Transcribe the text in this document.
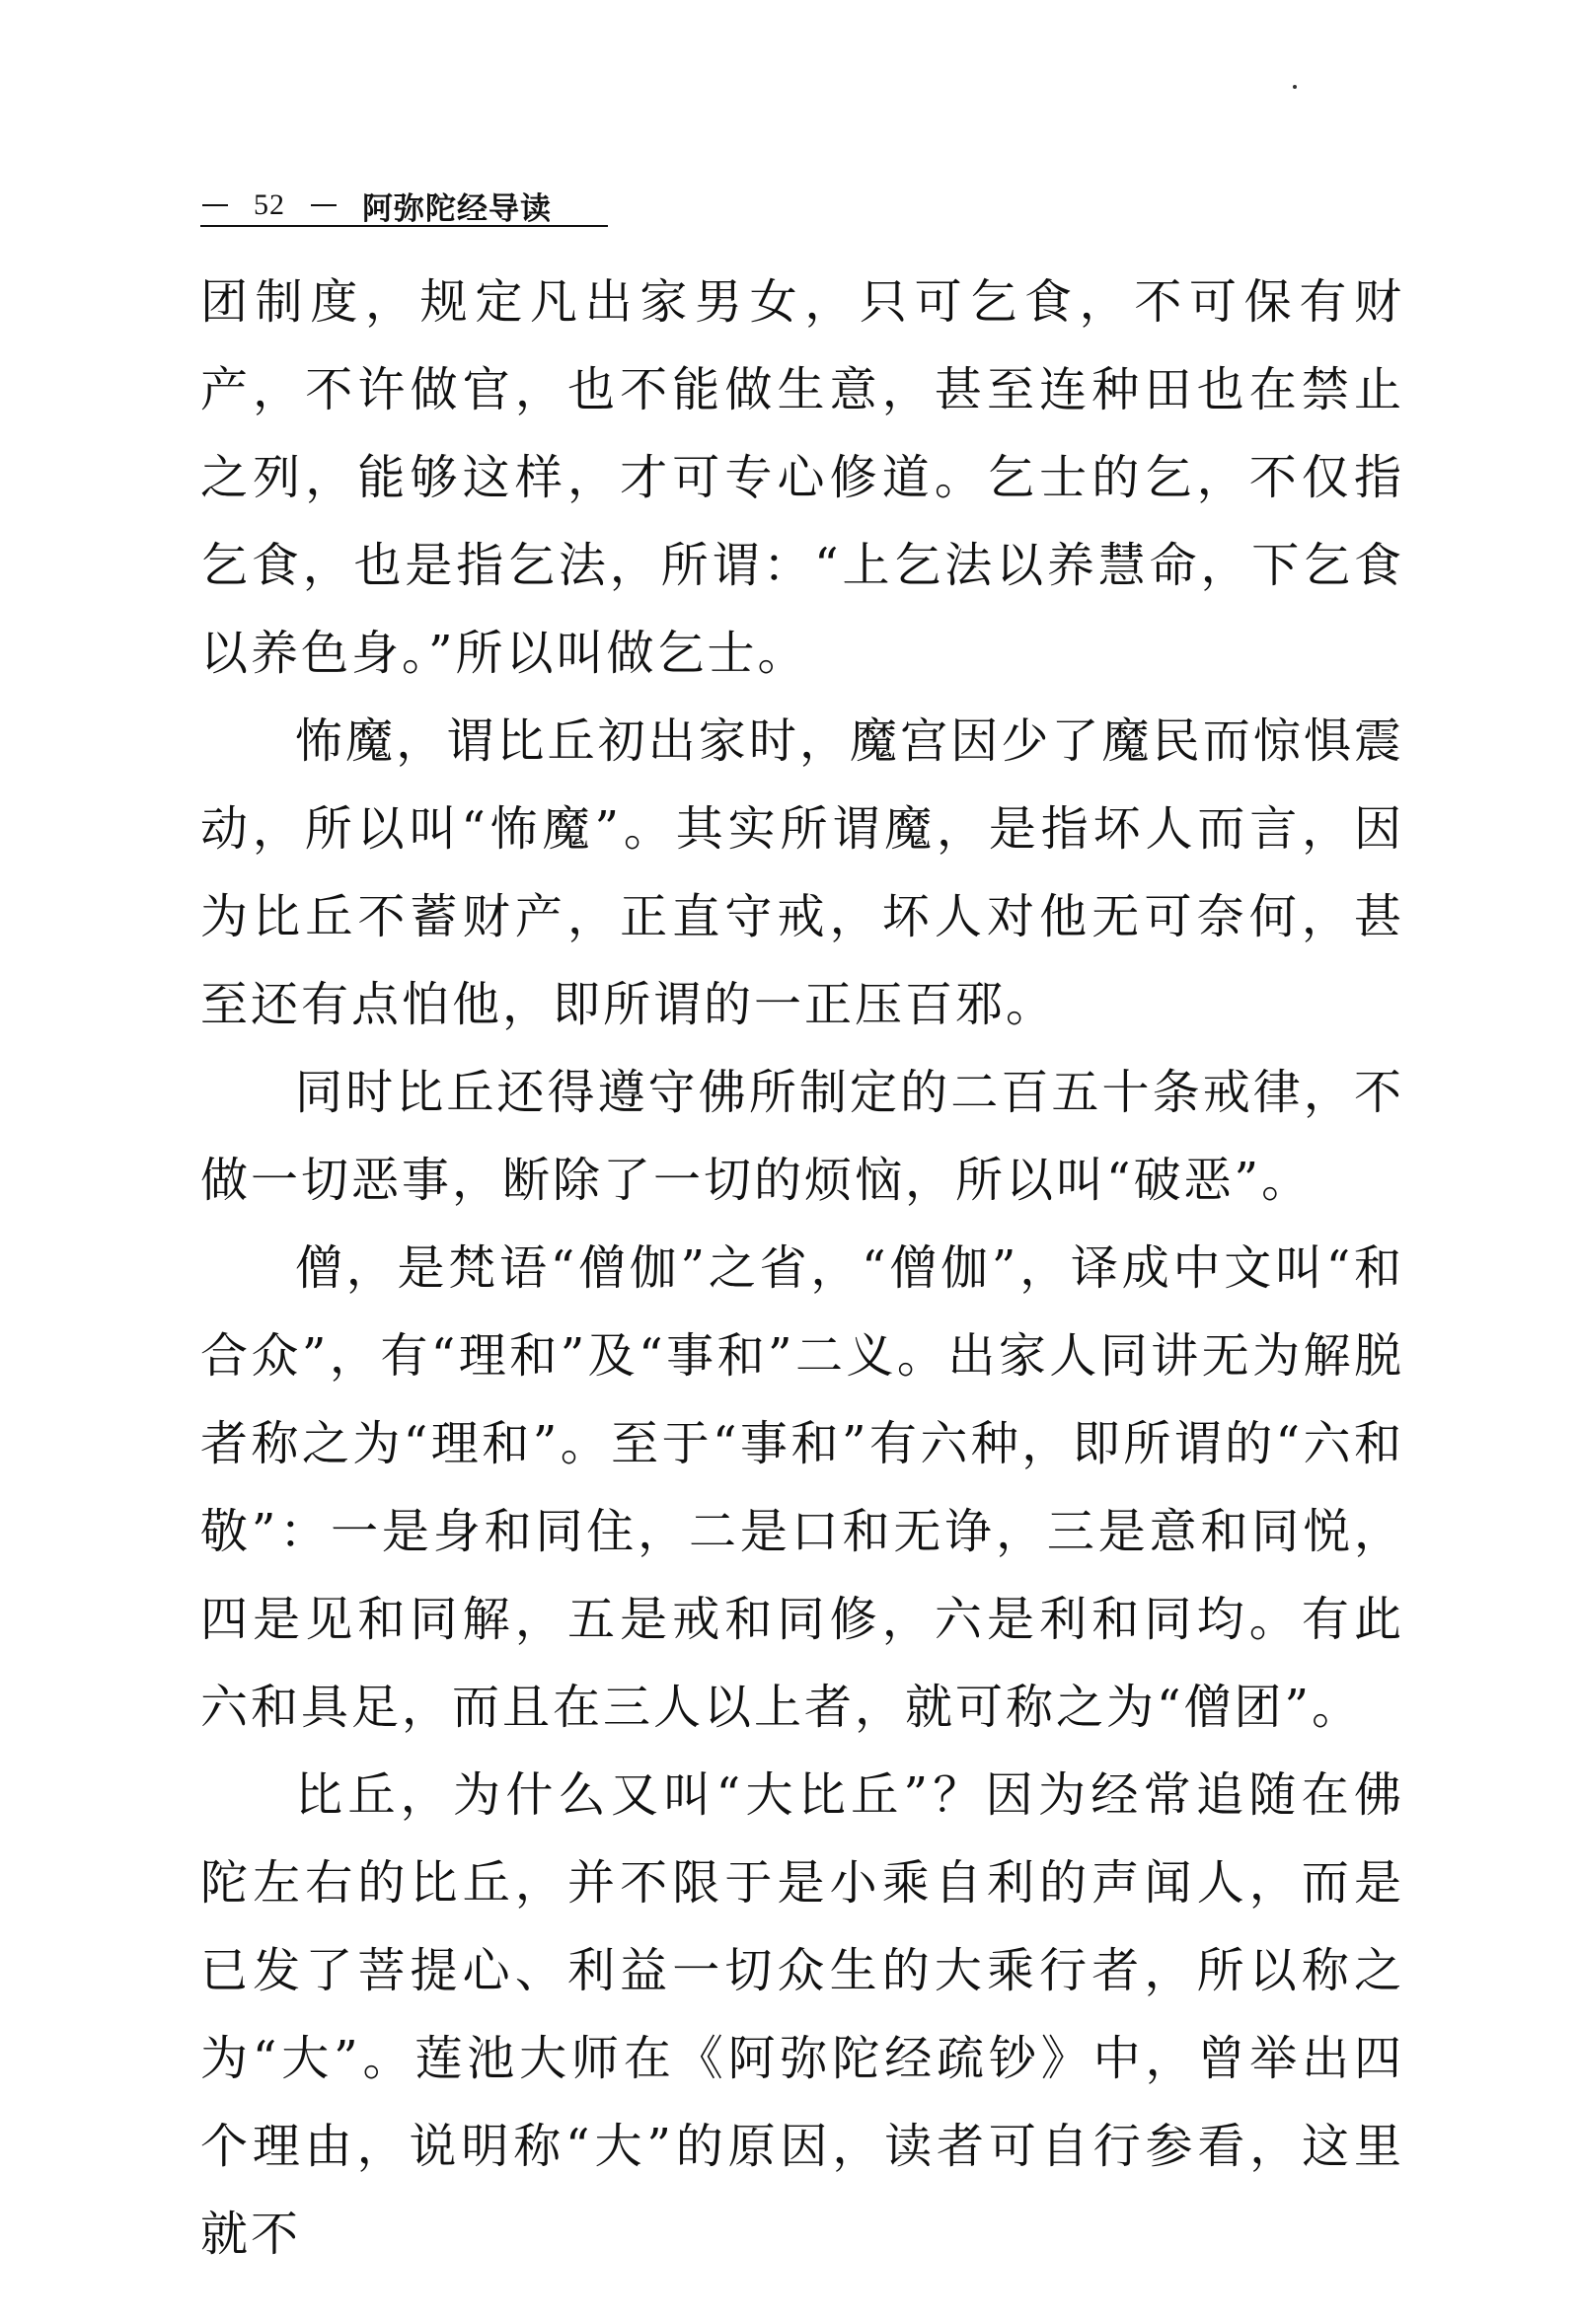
52	阿弥陀经导读

团制度，规定凡出家男女，只可乞食，不可保有财产，不许做官，也不能做生意，甚至连种田也在禁止之列，能够这样，才可专心修道。乞士的乞，不仅指乞食，也是指乞法，所谓：“上乞法以养慧命，下乞食以养色身。”所以叫做乞士。

怖魔，谓比丘初出家时，魔宫因少了魔民而惊惧震动，所以叫“怖魔”。其实所谓魔，是指坏人而言，因为比丘不蓄财产，正直守戒，坏人对他无可奈何，甚至还有点怕他，即所谓的一正压百邪。

同时比丘还得遵守佛所制定的二百五十条戒律，不做一切恶事，断除了一切的烦恼，所以叫“破恶”。

僧，是梵语“僧伽”之省，“僧伽”，译成中文叫“和合众”，有“理和”及“事和”二义。出家人同讲无为解脱者称之为“理和”。至于“事和”有六种，即所谓的“六和敬”：一是身和同住，二是口和无诤，三是意和同悦，四是见和同解，五是戒和同修，六是利和同均。有此六和具足，而且在三人以上者，就可称之为“僧团”。

比丘，为什么又叫“大比丘”？因为经常追随在佛陀左右的比丘，并不限于是小乘自利的声闻人，而是已发了菩提心、利益一切众生的大乘行者，所以称之为“大”。莲池大师在《阿弥陀经疏钞》中，曾举出四个理由，说明称“大”的原因，读者可自行参看，这里就不
